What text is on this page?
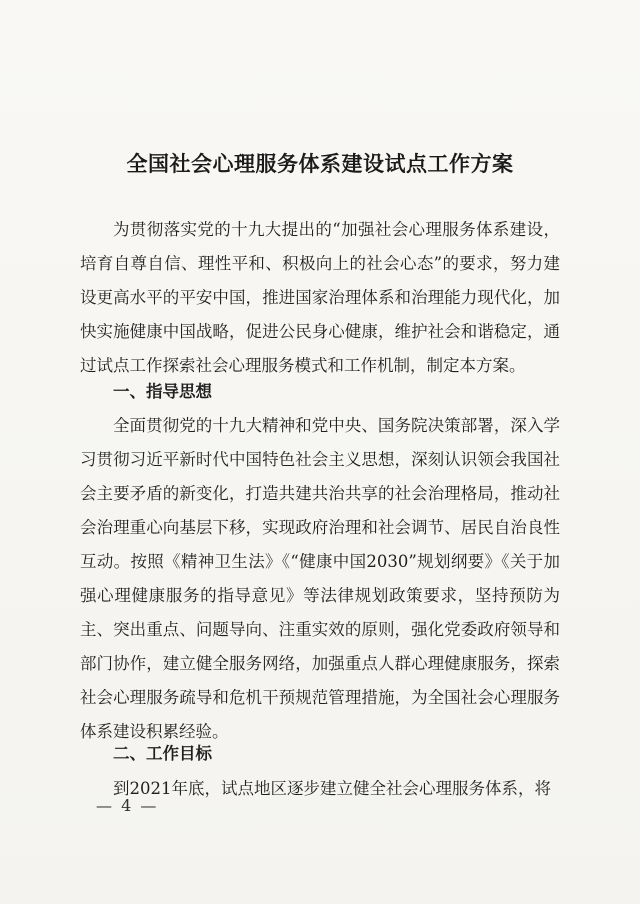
全国社会心理服务体系建设试点工作方案

为贯彻落实党的十九大提出的“加强社会心理服务体系建设，培育自尊自信、理性平和、积极向上的社会心态”的要求，努力建设更高水平的平安中国，推进国家治理体系和治理能力现代化，加快实施健康中国战略，促进公民身心健康，维护社会和谐稳定，通过试点工作探索社会心理服务模式和工作机制，制定本方案。

一、指导思想

全面贯彻党的十九大精神和党中央、国务院决策部署，深入学习贯彻习近平新时代中国特色社会主义思想，深刻认识领会我国社会主要矛盾的新变化，打造共建共治共享的社会治理格局，推动社会治理重心向基层下移，实现政府治理和社会调节、居民自治良性互动。按照《精神卫生法》《“健康中国2030”规划纲要》《关于加强心理健康服务的指导意见》等法律规划政策要求，坚持预防为主、突出重点、问题导向、注重实效的原则，强化党委政府领导和部门协作，建立健全服务网络，加强重点人群心理健康服务，探索社会心理服务疏导和危机干预规范管理措施，为全国社会心理服务体系建设积累经验。

二、工作目标

到2021年底，试点地区逐步建立健全社会心理服务体系，将

— 4 —
